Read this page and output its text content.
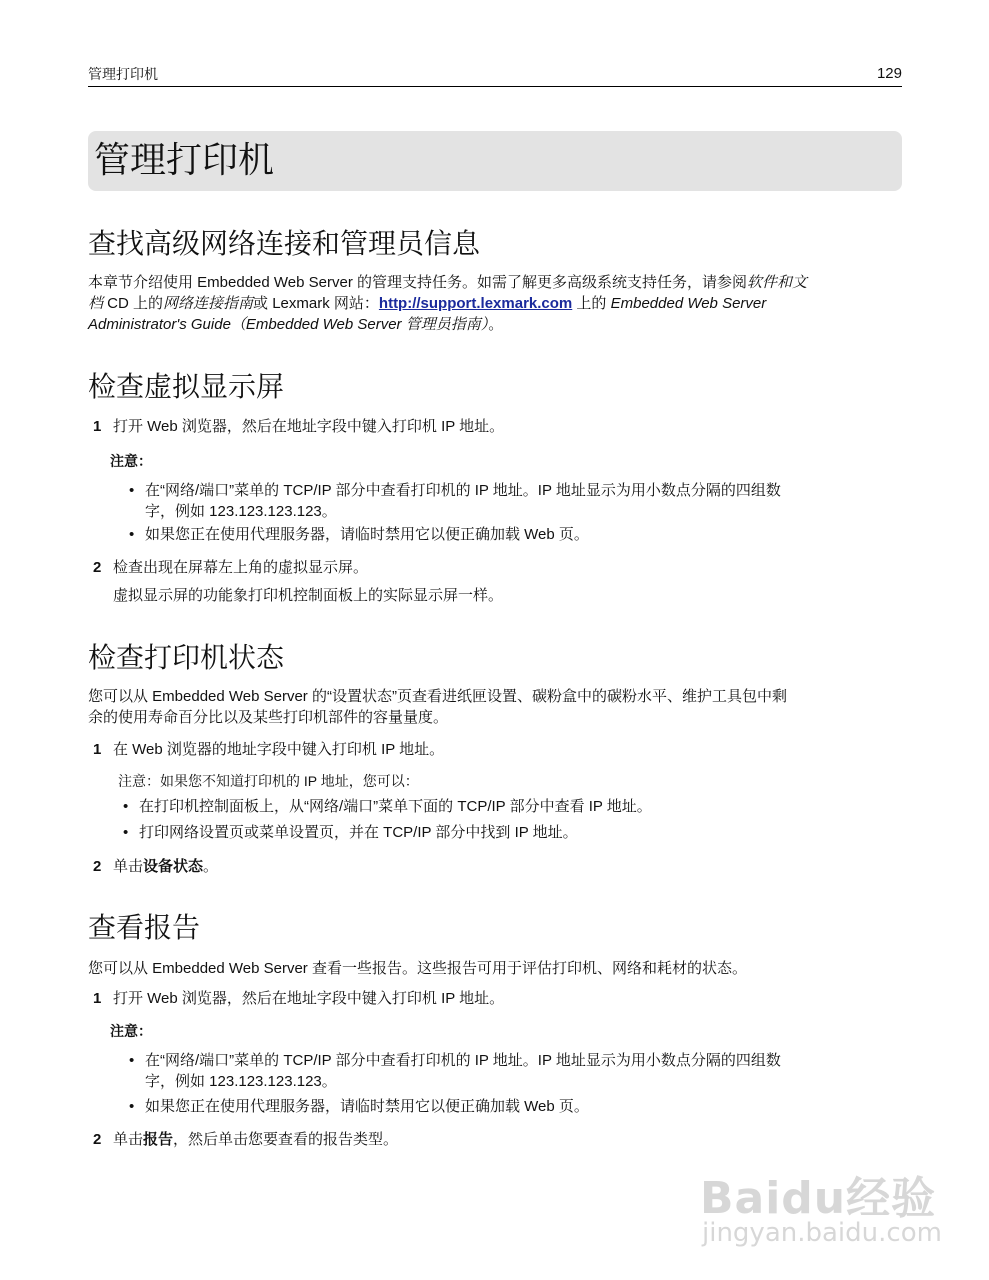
管理打印机	129
管理打印机
查找高级网络连接和管理员信息
本章节介绍使用 Embedded Web Server 的管理支持任务。如需了解更多高级系统支持任务，请参阅软件和文
档 CD 上的网络连接指南或 Lexmark 网站：http://support.lexmark.com 上的 Embedded Web Server
Administrator's Guide（Embedded Web Server 管理员指南）。
检查虚拟显示屏
1 打开 Web 浏览器，然后在地址字段中键入打印机 IP 地址。
注意：
• 在“网络/端口”菜单的 TCP/IP 部分中查看打印机的 IP 地址。IP 地址显示为用小数点分隔的四组数
字，例如 123.123.123.123。
• 如果您正在使用代理服务器，请临时禁用它以便正确加载 Web 页。
2 检查出现在屏幕左上角的虚拟显示屏。
虚拟显示屏的功能象打印机控制面板上的实际显示屏一样。
检查打印机状态
您可以从 Embedded Web Server 的“设置状态”页查看进纸匣设置、碳粉盒中的碳粉水平、维护工具包中剩
余的使用寿命百分比以及某些打印机部件的容量量度。
1 在 Web 浏览器的地址字段中键入打印机 IP 地址。
注意：如果您不知道打印机的 IP 地址，您可以：
• 在打印机控制面板上，从“网络/端口”菜单下面的 TCP/IP 部分中查看 IP 地址。
• 打印网络设置页或菜单设置页，并在 TCP/IP 部分中找到 IP 地址。
2 单击设备状态。
查看报告
您可以从 Embedded Web Server 查看一些报告。这些报告可用于评估打印机、网络和耗材的状态。
1 打开 Web 浏览器，然后在地址字段中键入打印机 IP 地址。
注意：
• 在“网络/端口”菜单的 TCP/IP 部分中查看打印机的 IP 地址。IP 地址显示为用小数点分隔的四组数
字，例如 123.123.123.123。
• 如果您正在使用代理服务器，请临时禁用它以便正确加载 Web 页。
2 单击报告，然后单击您要查看的报告类型。
Baidu经验
jingyan.baidu.com
